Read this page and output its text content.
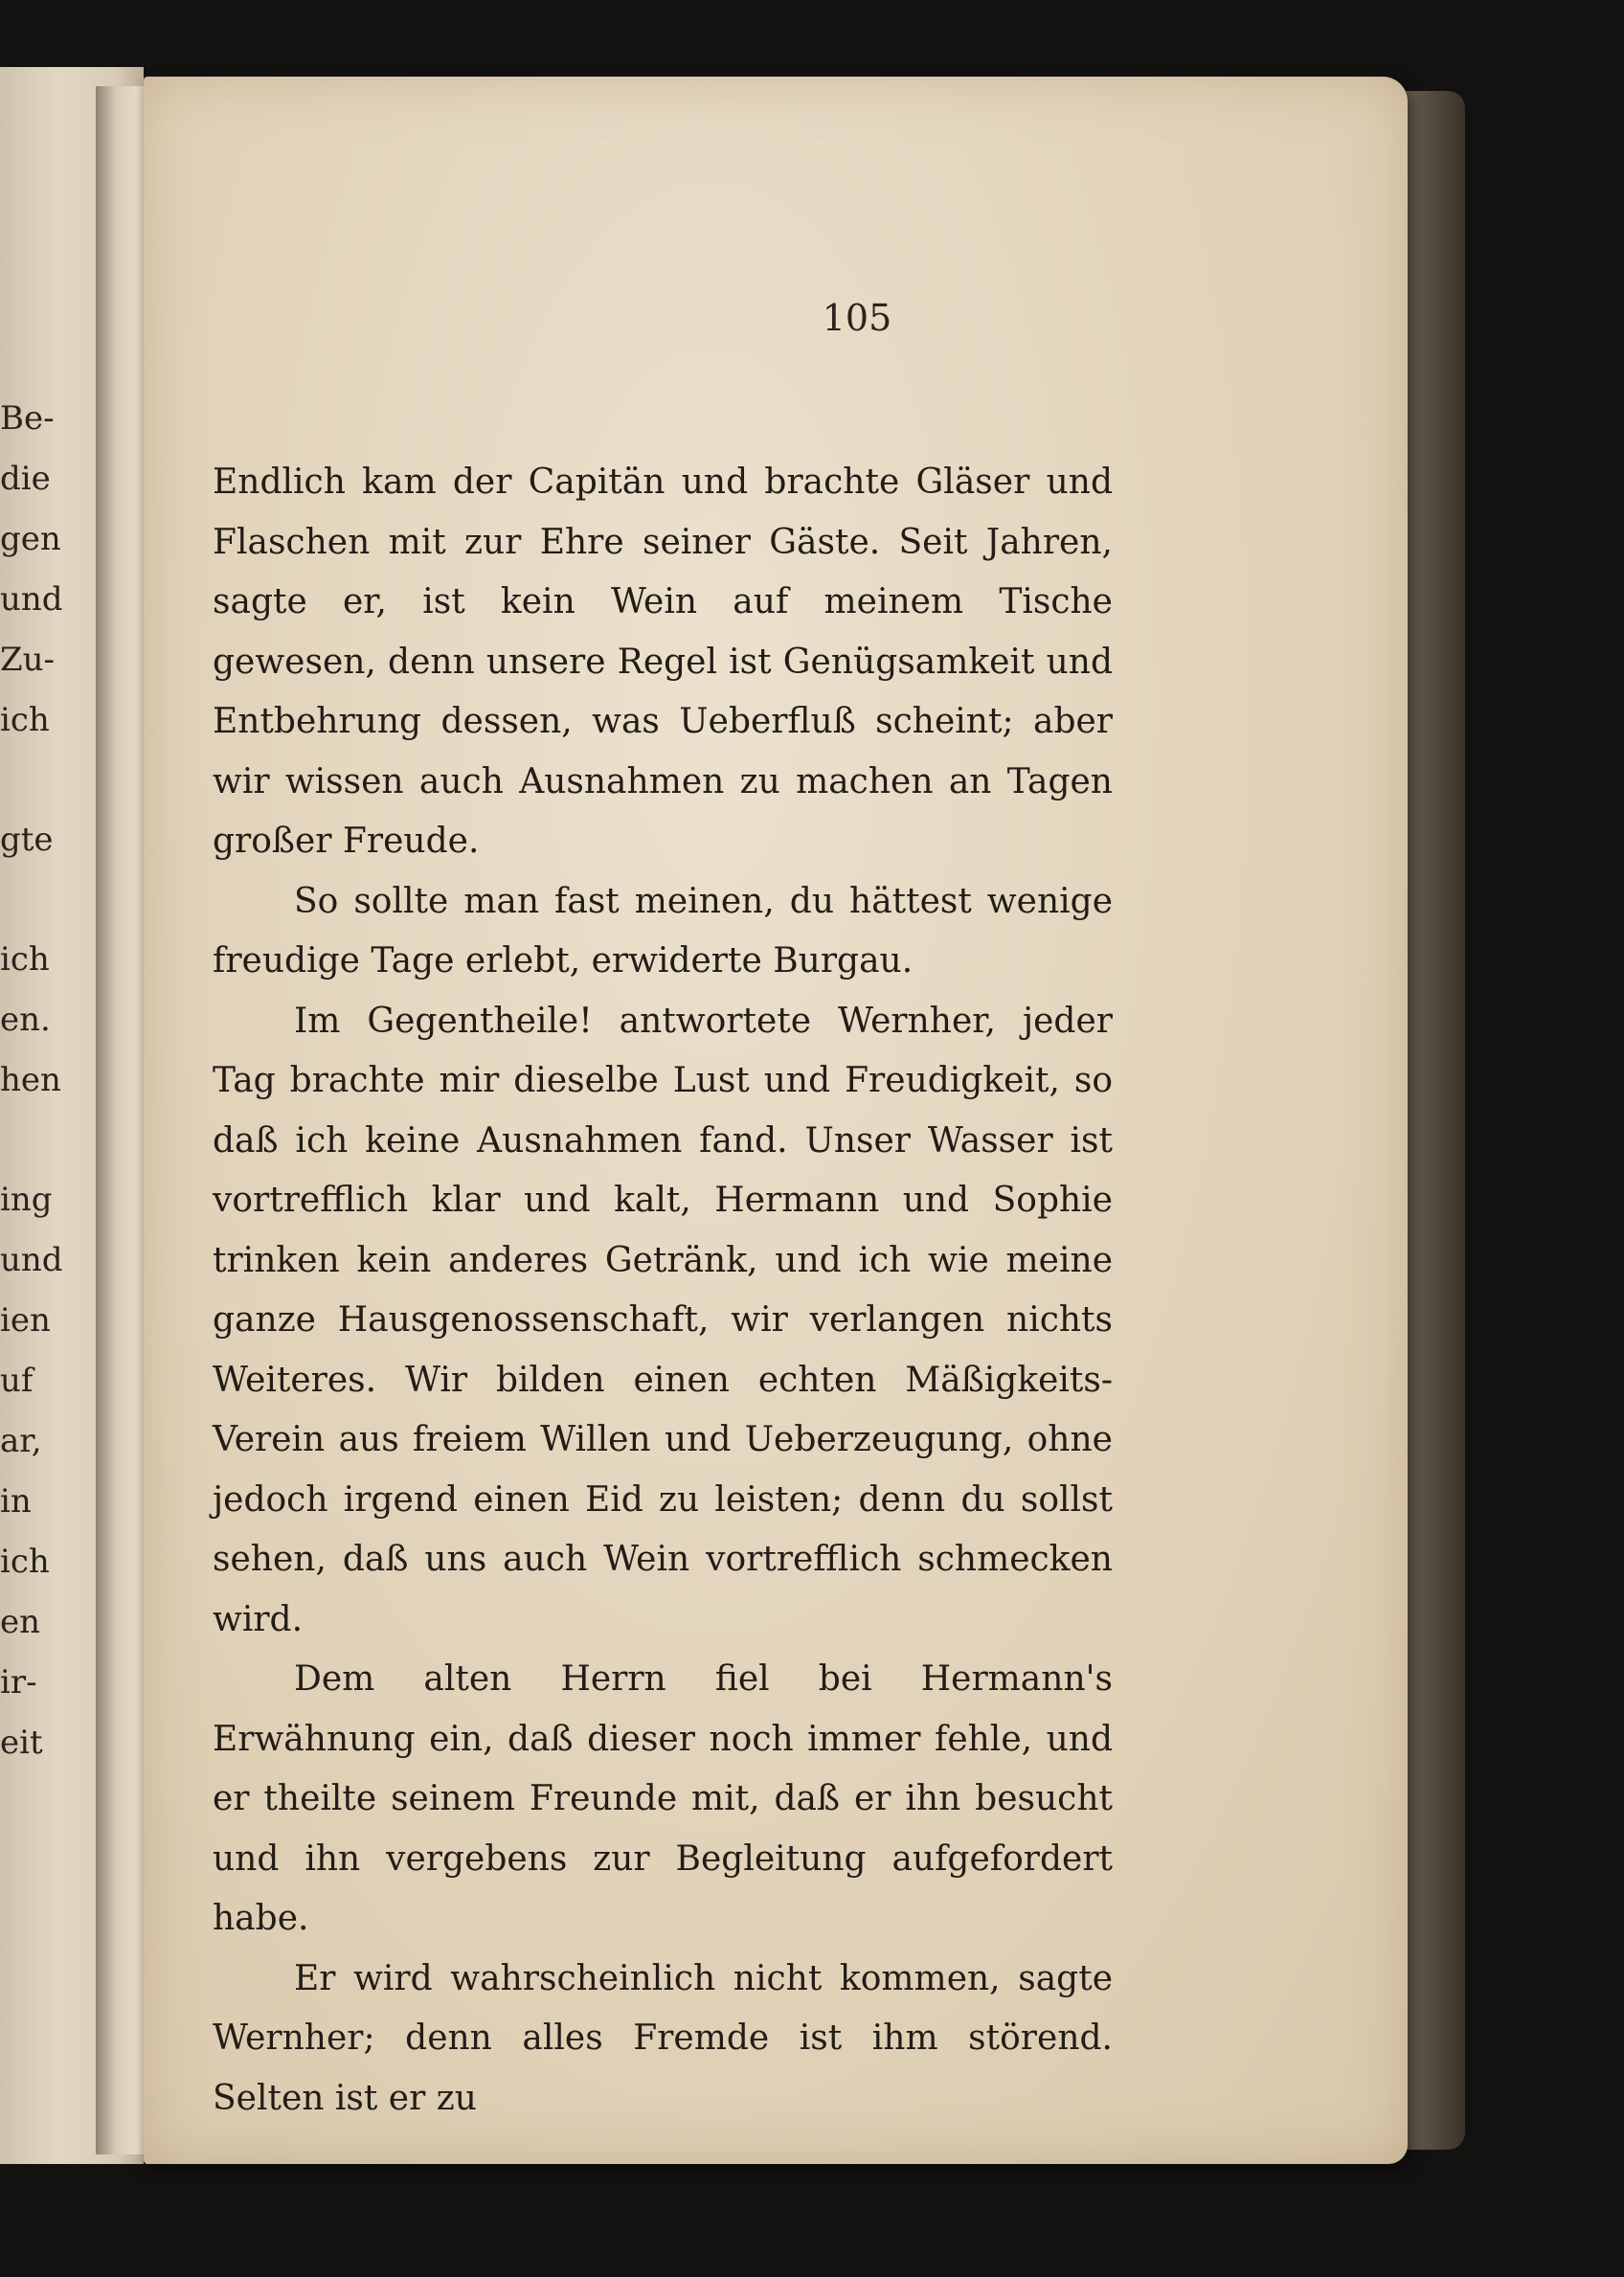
Be-
die
gen
und
Zu-
ich
gte
ich
en.
hen
ing
und
ien
uf
ar,
in
ich
en
ir-
eit
105

Endlich kam der Capitän und brachte Gläser und Flaschen mit zur Ehre seiner Gäste. Seit Jahren, sagte er, ist kein Wein auf meinem Tische gewesen, denn unsere Regel ist Genügsamkeit und Entbehrung dessen, was Ueberfluß scheint; aber wir wissen auch Ausnahmen zu machen an Tagen großer Freude.

So sollte man fast meinen, du hättest wenige freudige Tage erlebt, erwiderte Burgau.

Im Gegentheile! antwortete Wernher, jeder Tag brachte mir dieselbe Lust und Freudigkeit, so daß ich keine Ausnahmen fand. Unser Wasser ist vortrefflich klar und kalt, Hermann und Sophie trinken kein anderes Getränk, und ich wie meine ganze Hausgenossenschaft, wir verlangen nichts Weiteres. Wir bilden einen echten Mäßigkeits-Verein aus freiem Willen und Ueberzeugung, ohne jedoch irgend einen Eid zu leisten; denn du sollst sehen, daß uns auch Wein vortrefflich schmecken wird.

Dem alten Herrn fiel bei Hermann's Erwähnung ein, daß dieser noch immer fehle, und er theilte seinem Freunde mit, daß er ihn besucht und ihn vergebens zur Begleitung aufgefordert habe.

Er wird wahrscheinlich nicht kommen, sagte Wernher; denn alles Fremde ist ihm störend. Selten ist er zu
